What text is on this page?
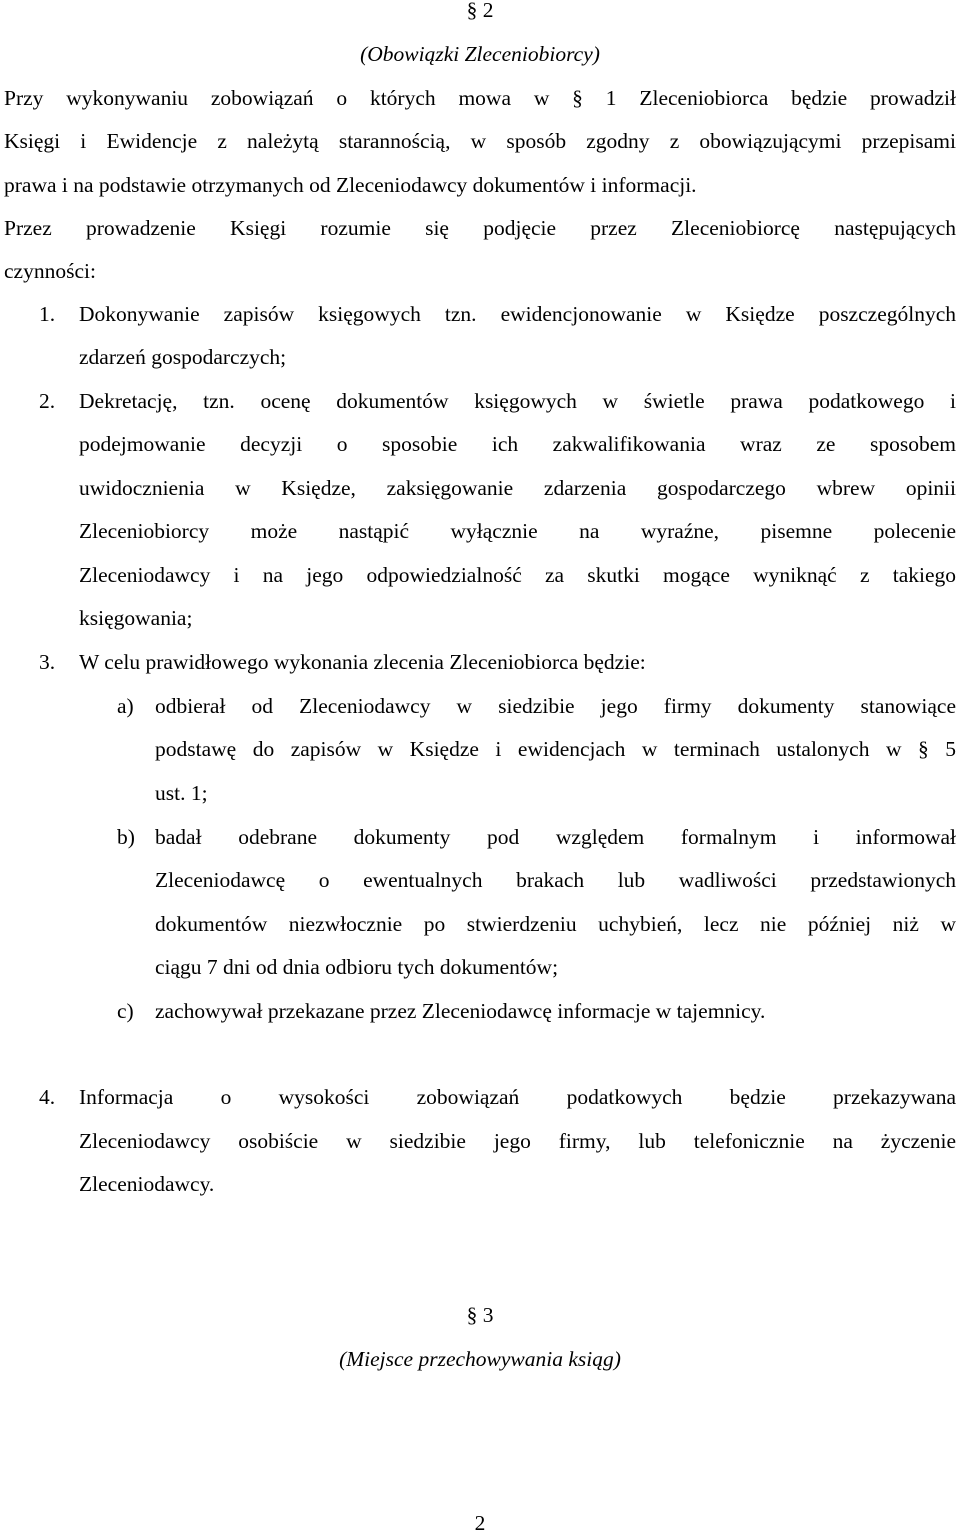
§ 2
(Obowiązki Zleceniobiorcy)
Przy wykonywaniu zobowiązań o których mowa w § 1 Zleceniobiorca będzie prowadził
Księgi i Ewidencje z należytą starannością, w sposób zgodny z obowiązującymi przepisami
prawa i na podstawie otrzymanych od Zleceniodawcy dokumentów i informacji.
Przez prowadzenie Księgi rozumie się podjęcie przez Zleceniobiorcę następujących
czynności:
1. Dokonywanie zapisów księgowych tzn. ewidencjonowanie w Księdze poszczególnych
zdarzeń gospodarczych;
2. Dekretację, tzn. ocenę dokumentów księgowych w świetle prawa podatkowego i
podejmowanie decyzji o sposobie ich zakwalifikowania wraz ze sposobem
uwidocznienia w Księdze, zaksięgowanie zdarzenia gospodarczego wbrew opinii
Zleceniobiorcy może nastąpić wyłącznie na wyraźne, pisemne polecenie
Zleceniodawcy i na jego odpowiedzialność za skutki mogące wyniknąć z takiego
księgowania;
3. W celu prawidłowego wykonania zlecenia Zleceniobiorca będzie:
a) odbierał od Zleceniodawcy w siedzibie jego firmy dokumenty stanowiące
podstawę do zapisów w Księdze i ewidencjach w terminach ustalonych w § 5
ust. 1;
b) badał odebrane dokumenty pod względem formalnym i informował
Zleceniodawcę o ewentualnych brakach lub wadliwości przedstawionych
dokumentów niezwłocznie po stwierdzeniu uchybień, lecz nie później niż w
ciągu 7 dni od dnia odbioru tych dokumentów;
c) zachowywał przekazane przez Zleceniodawcę informacje w tajemnicy.
4. Informacja o wysokości zobowiązań podatkowych będzie przekazywana
Zleceniodawcy osobiście w siedzibie jego firmy, lub telefonicznie na życzenie
Zleceniodawcy.
§ 3
(Miejsce przechowywania ksiąg)
2
